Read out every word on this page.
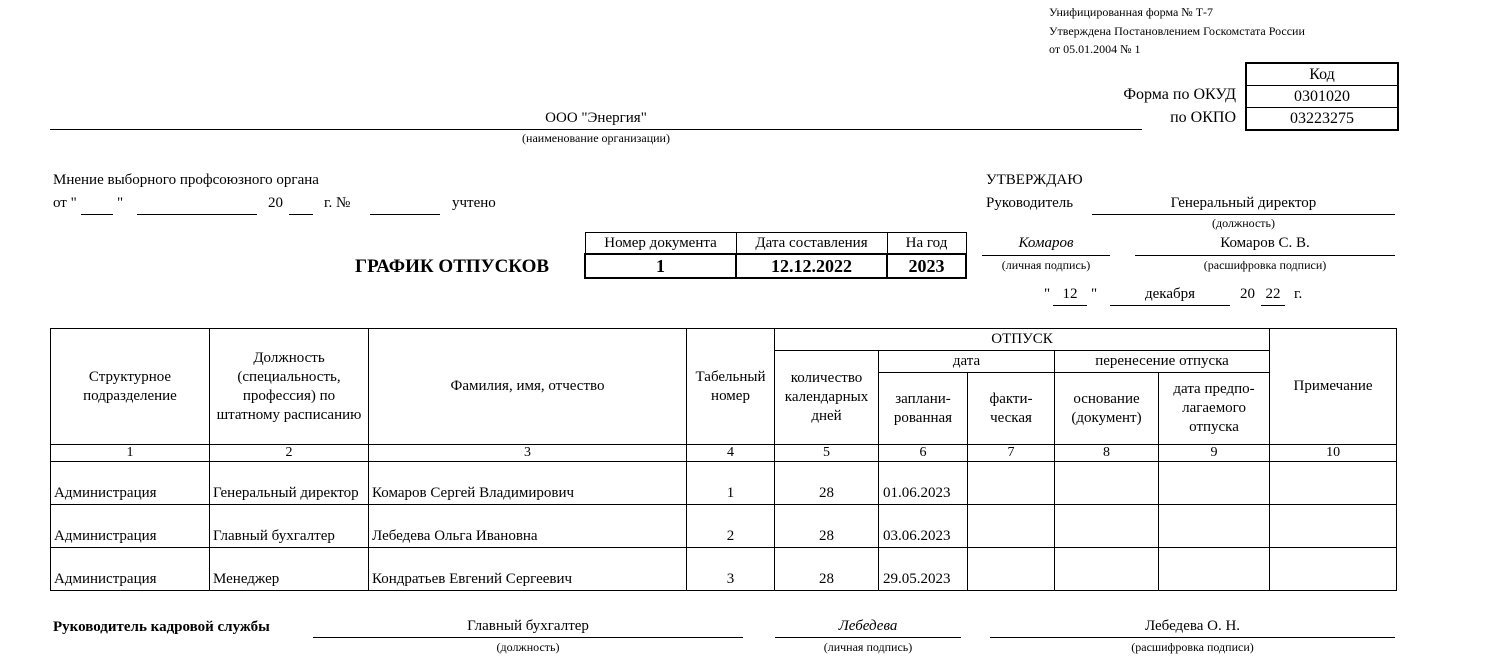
Унифицированная форма № Т-7
Утверждена Постановлением Госкомстата России
от 05.01.2004 № 1
Код
0301020
03223275
Форма по ОКУД
по ОКПО
ООО "Энергия"
(наименование организации)
Мнение выборного профсоюзного органа
от "	"	20	г. №	учтено
УТВЕРЖДАЮ
Руководитель	Генеральный директор
(должность)
Комаров
(личная подпись)
Комаров С. В.
(расшифровка подписи)
" 12 "	декабря	20 22 г.
ГРАФИК ОТПУСКОВ
Номер документа	Дата составления	На год
1	12.12.2022	2023
Структурное подразделение	Должность (специальность, профессия) по штатному расписанию	Фамилия, имя, отчество	Табельный номер	ОТПУСК					Примечание
				количество календарных дней	дата		перенесение отпуска		
					заплани-рованная	факти-ческая	основание (документ)	дата предпо-лагаемого отпуска	
1	2	3	4	5	6	7	8	9	10
Администрация	Генеральный директор	Комаров Сергей Владимирович	1	28	01.06.2023				
Администрация	Главный бухгалтер	Лебедева Ольга Ивановна	2	28	03.06.2023				
Администрация	Менеджер	Кондратьев Евгений Сергеевич	3	28	29.05.2023				
Руководитель кадровой службы	Главный бухгалтер
(должность)
Лебедева
(личная подпись)
Лебедева О. Н.
(расшифровка подписи)
